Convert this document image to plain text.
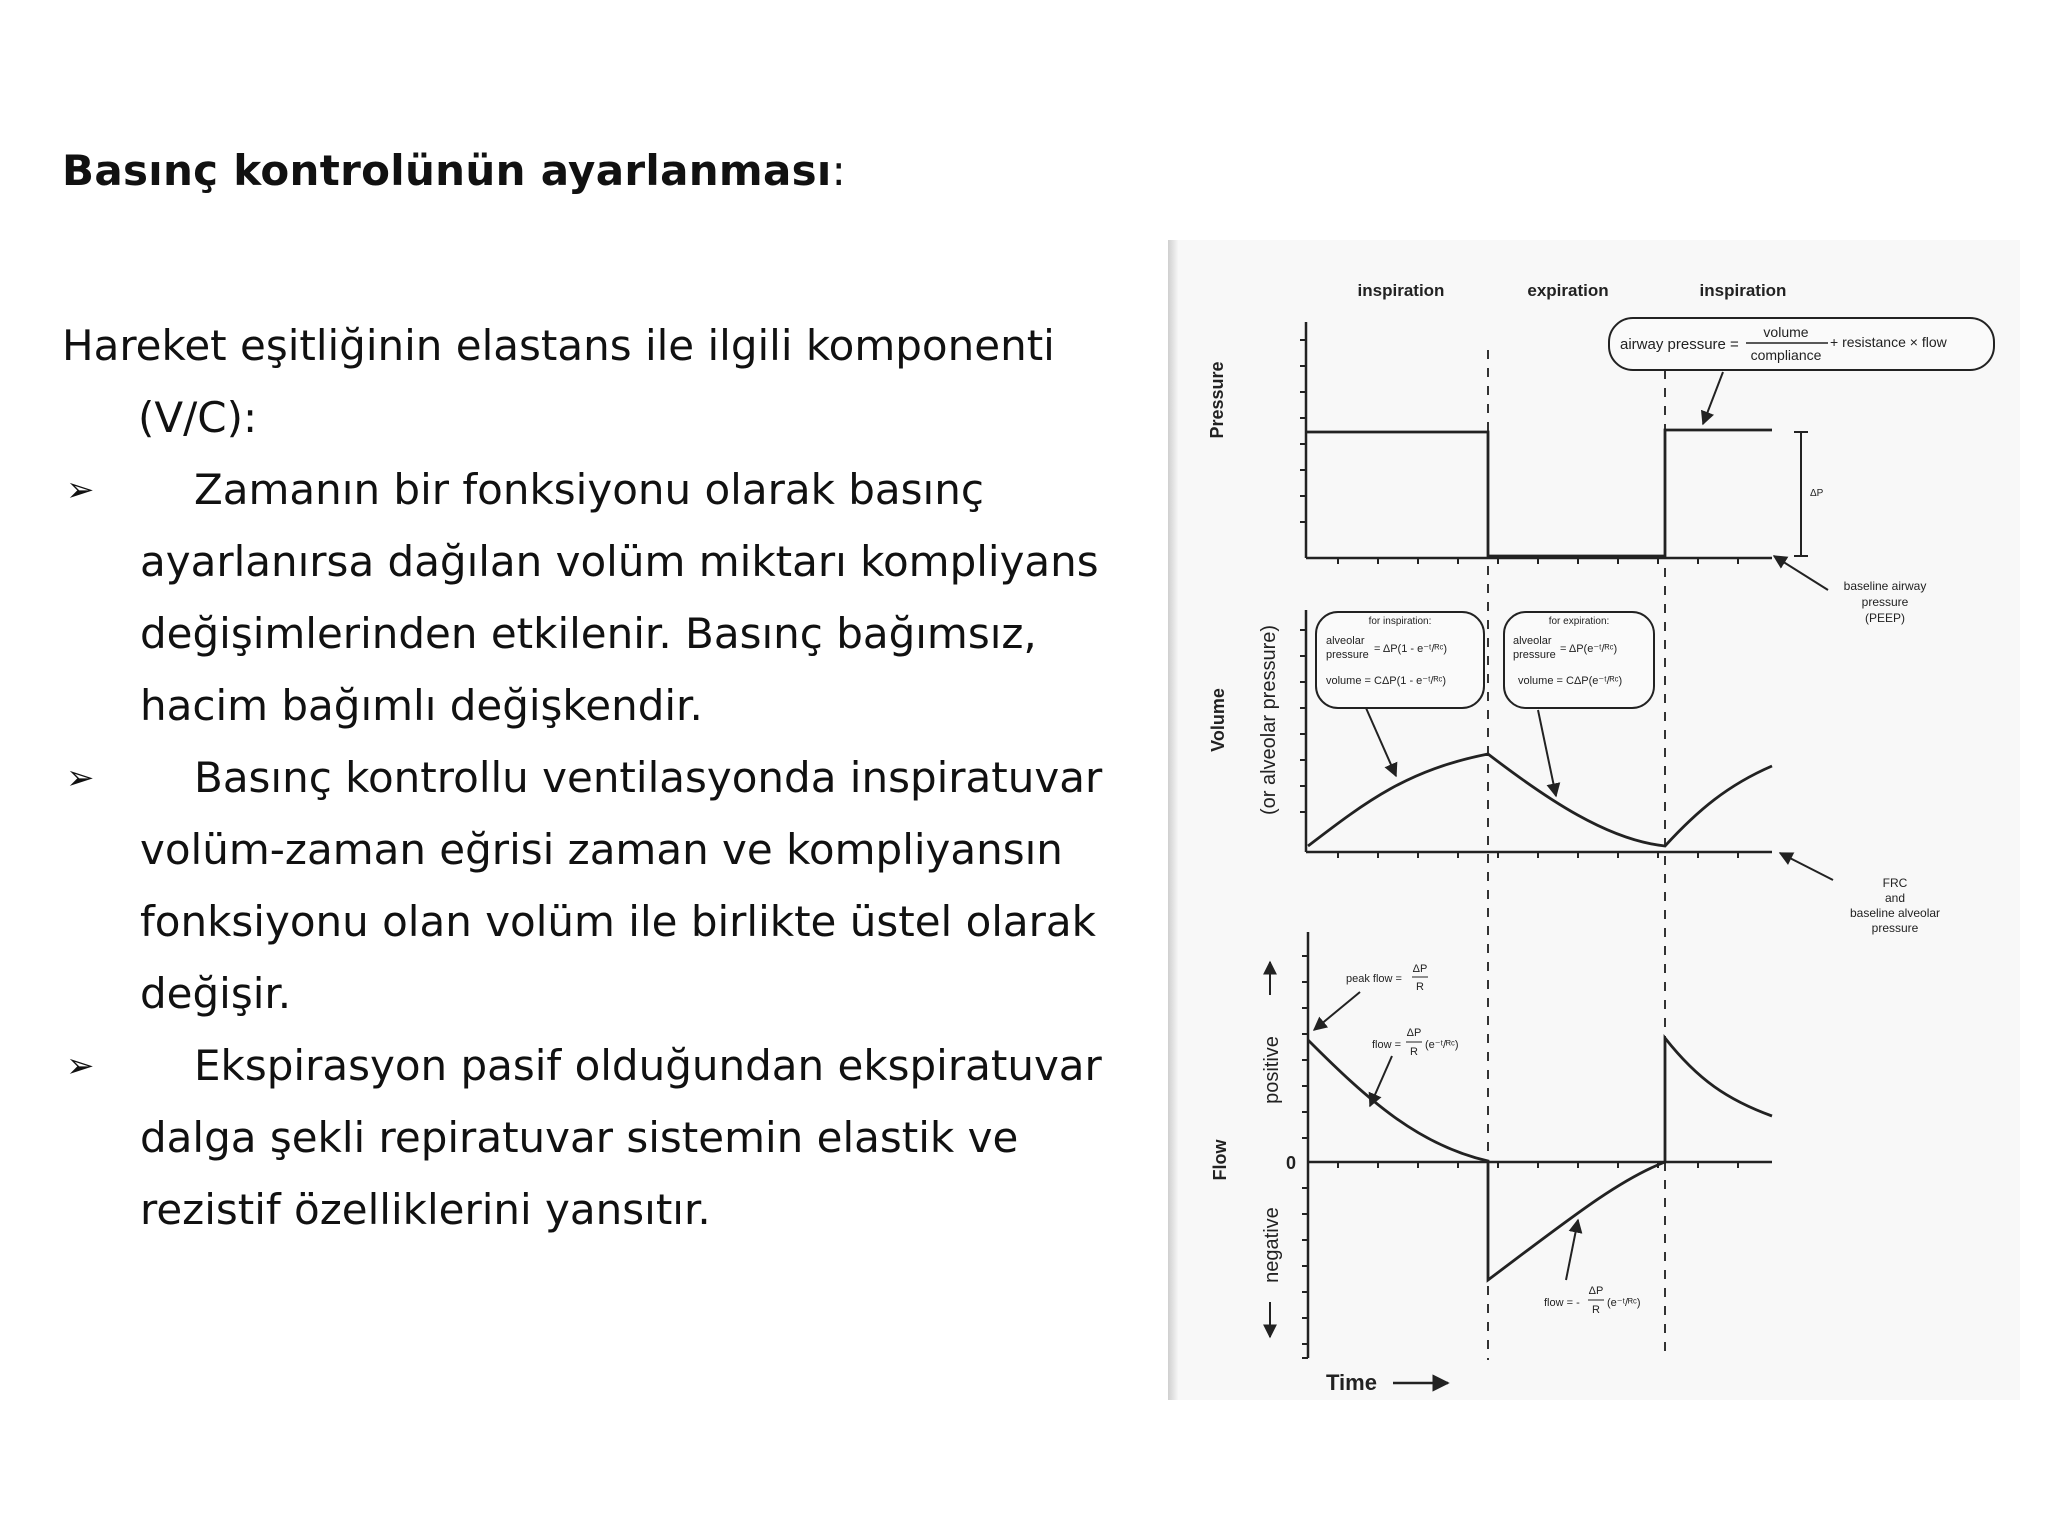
Basınç kontrolünün ayarlanması:
Hareket eşitliğinin elastans ile ilgili komponenti
(V/C):
➢	Zamanın bir fonksiyonu olarak basınç ayarlanırsa dağılan volüm miktarı kompliyans değişimlerinden etkilenir. Basınç bağımsız, hacim bağımlı değişkendir.
➢	Basınç kontrollu ventilasyonda inspiratuvar volüm-zaman eğrisi zaman ve kompliyansın fonksiyonu olan volüm ile birlikte üstel olarak değişir.
➢	Ekspirasyon pasif olduğundan ekspiratuvar dalga şekli repiratuvar sistemin elastik ve rezistif özelliklerini yansıtır.
inspiration	expiration	inspiration
Pressure
ΔP
airway pressure =
volume
compliance
+ resistance × flow
baseline airway
pressure
(PEEP)
Volume (or alveolar pressure)
for inspiration:
alveolar
pressure = ΔP(1 - e⁻ᵗ/ᴿᶜ)
volume = CΔP(1 - e⁻ᵗ/ᴿᶜ)
for expiration:
alveolar
pressure = ΔP(e⁻ᵗ/ᴿᶜ)
volume = CΔP(e⁻ᵗ/ᴿᶜ)
FRC
and
baseline alveolar
pressure
Flow
positive
negative
0
peak flow =
ΔP
R
flow =
ΔP
R
(e⁻ᵗ/ᴿᶜ)
flow = -
ΔP
R
(e⁻ᵗ/ᴿᶜ)
Time
